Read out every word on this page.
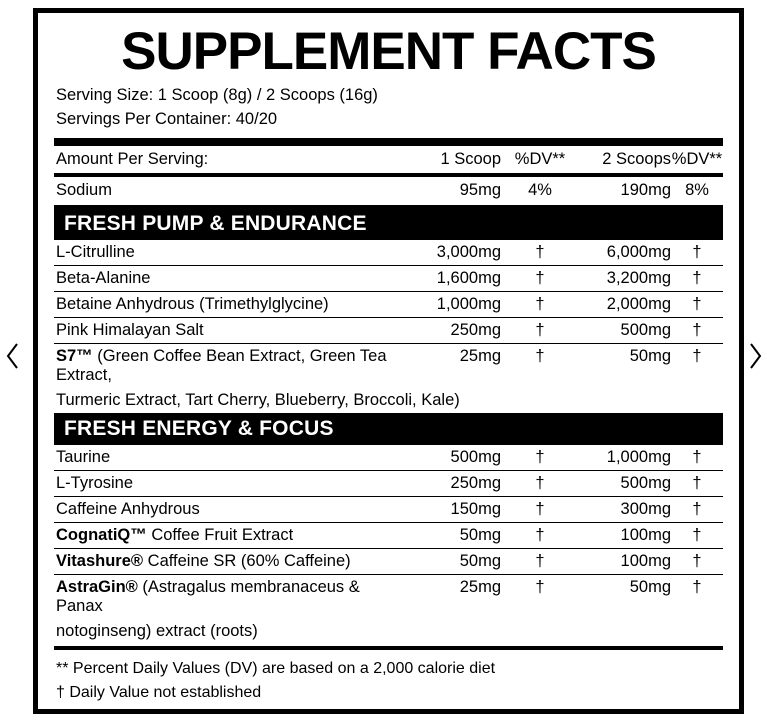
SUPPLEMENT FACTS
Serving Size: 1 Scoop (8g) / 2 Scoops (16g)
Servings Per Container: 40/20
Amount Per Serving:	1 Scoop	%DV**	2 Scoops	%DV**
Sodium	95mg	4%	190mg	8%

FRESH PUMP & ENDURANCE				

L-Citrulline	3,000mg	†	6,000mg	†
Beta-Alanine	1,600mg	†	3,200mg	†
Betaine Anhydrous (Trimethylglycine)	1,000mg	†	2,000mg	†
Pink Himalayan Salt	250mg	†	500mg	†
S7™ (Green Coffee Bean Extract, Green Tea Extract,	25mg	†	50mg	†
Turmeric Extract, Tart Cherry, Blueberry, Broccoli, Kale)				

FRESH ENERGY & FOCUS				

Taurine	500mg	†	1,000mg	†
L-Tyrosine	250mg	†	500mg	†
Caffeine Anhydrous	150mg	†	300mg	†
CognatiQ™ Coffee Fruit Extract	50mg	†	100mg	†
Vitashure® Caffeine SR (60% Caffeine)	50mg	†	100mg	†
AstraGin® (Astragalus membranaceus & Panax	25mg	†	50mg	†
notoginseng) extract (roots)				
** Percent Daily Values (DV) are based on a 2,000 calorie diet
† Daily Value not established
